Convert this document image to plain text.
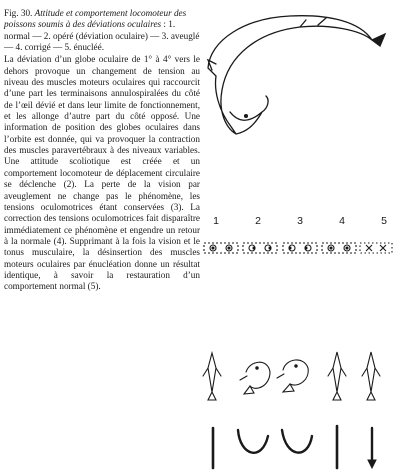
Fig. 30. Attitude et comportement locomoteur des poissons soumis à des déviations oculaires : 1. normal — 2. opéré (déviation oculaire) — 3. aveuglé — 4. corrigé — 5. énucléé.

La déviation d’un globe oculaire de 1° à 4° vers le dehors provoque un changement de tension au niveau des muscles moteurs oculaires qui raccourcit d’une part les terminaisons annulospiralées du côté de l’œil dévié et dans leur limite de fonctionnement, et les allonge d’autre part du côté opposé. Une information de position des globes oculaires dans l’orbite est donnée, qui va provoquer la contraction des muscles paravertébraux à des niveaux variables. Une attitude scoliotique est créée et un comportement locomoteur de déplacement circulaire se déclenche (2). La perte de la vision par aveuglement ne change pas le phénomène, les tensions oculomotrices étant conservées (3). La correction des tensions oculomotrices fait disparaître immédiatement ce phénomène et engendre un retour à la normale (4). Supprimant à la fois la vision et le tonus musculaire, la désinsertion des muscles moteurs oculaires par énucléation donne un résultat identique, à savoir la restauration d’un comportement normal (5).

1	2	3	4	5
